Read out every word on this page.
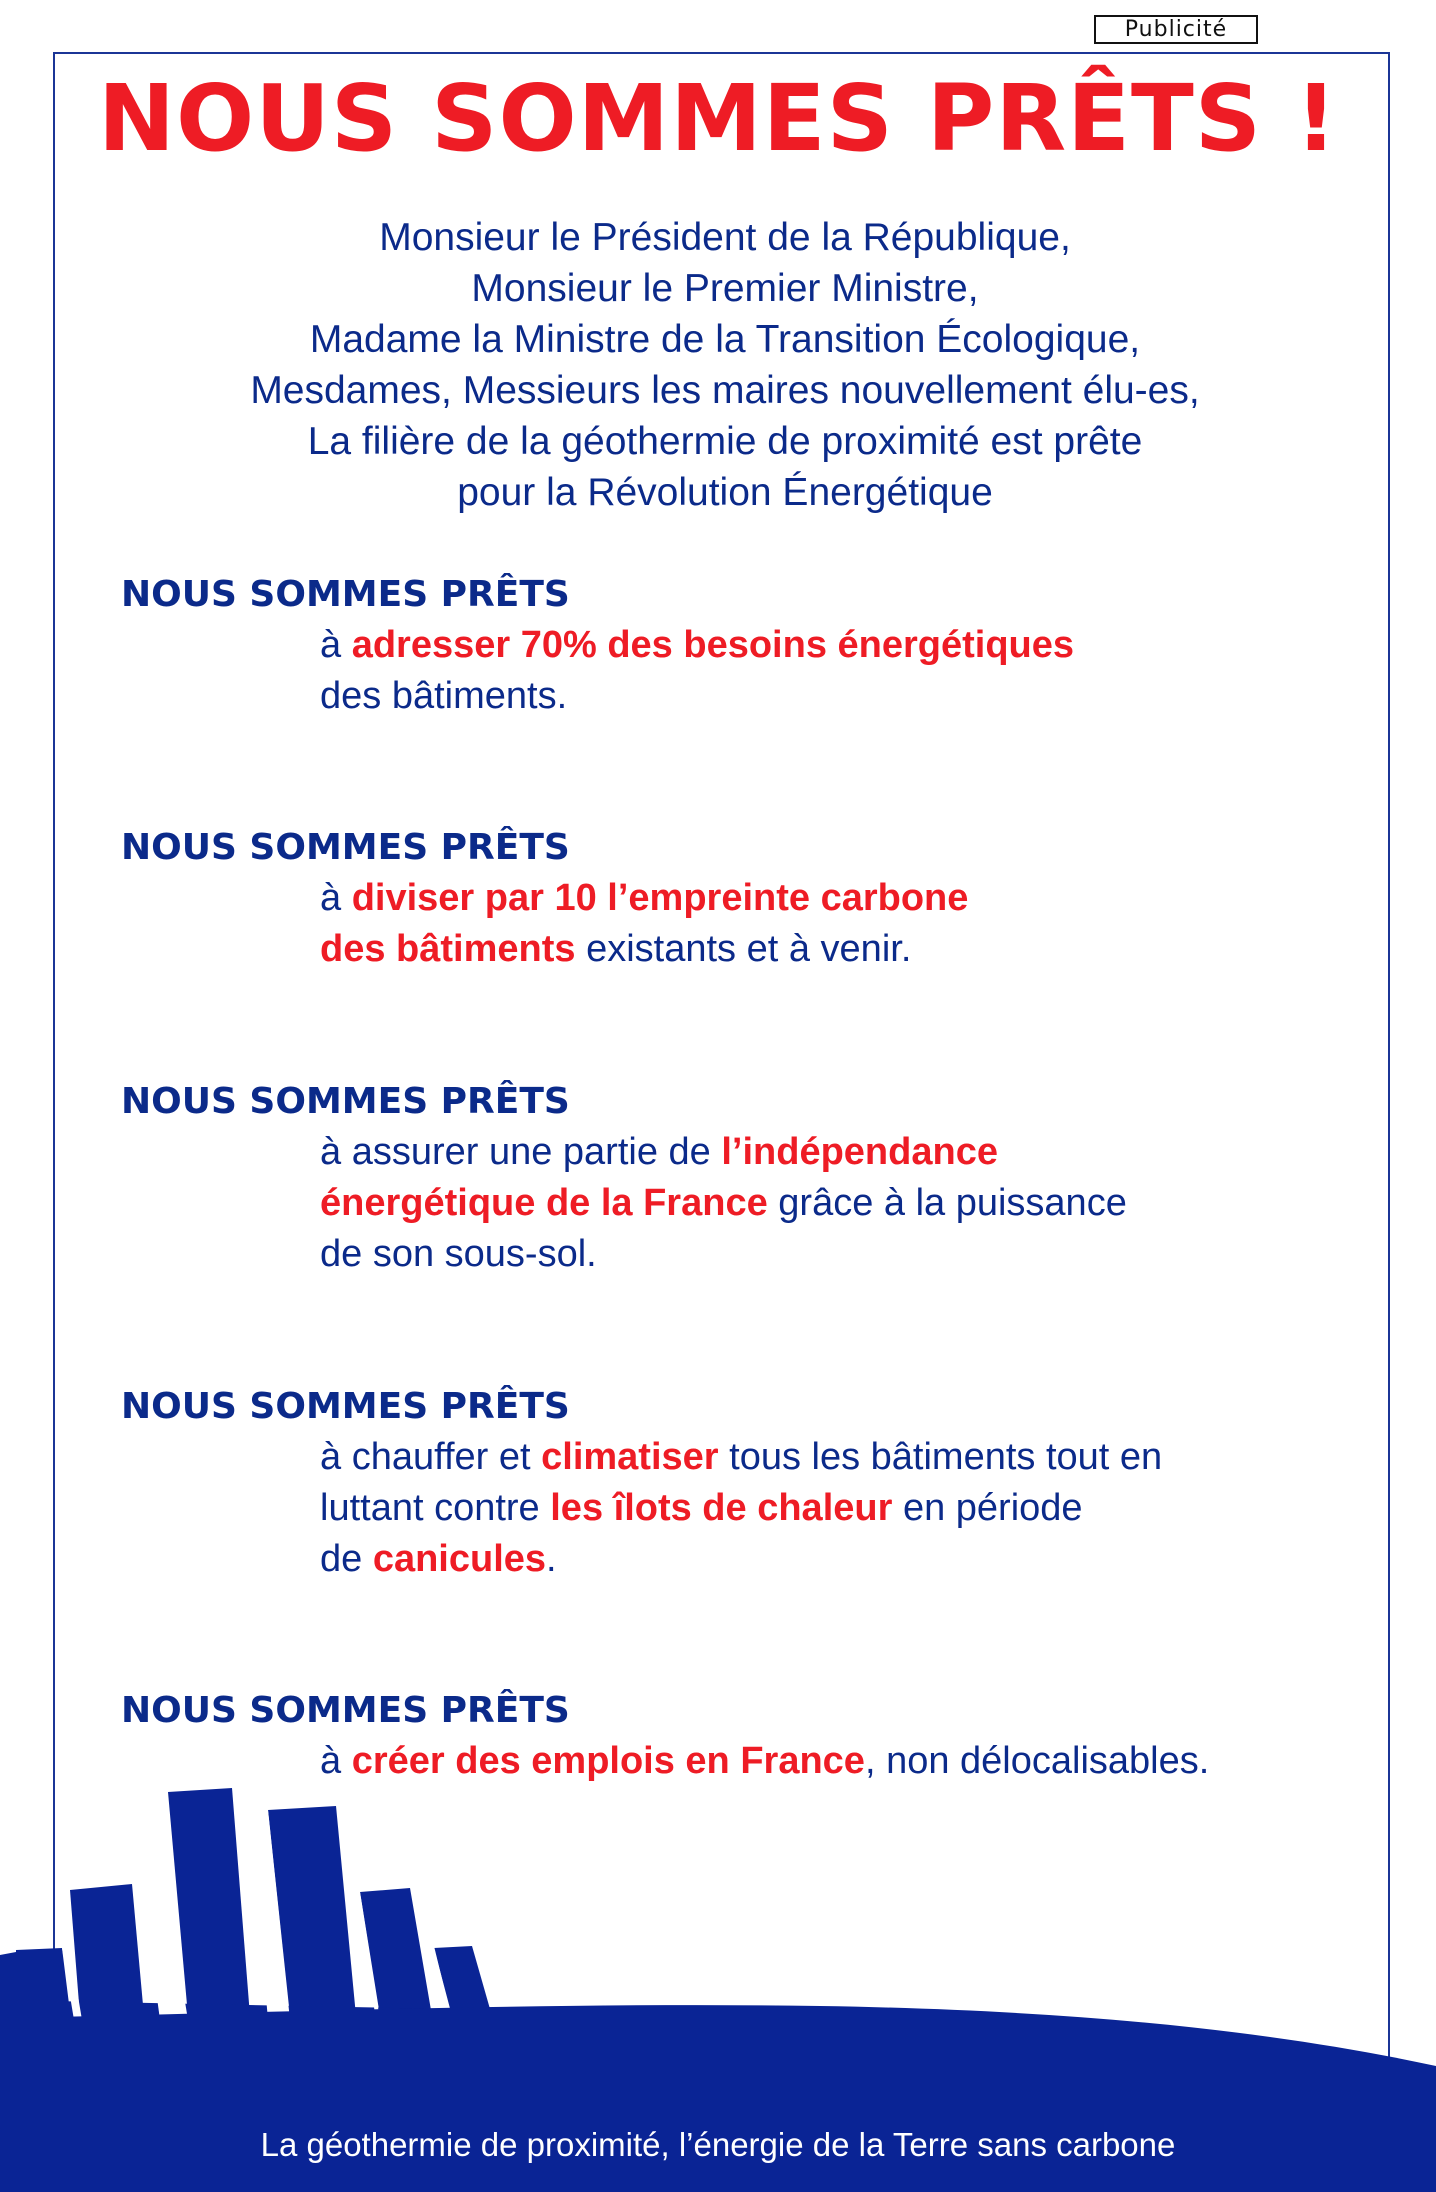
Publicité
NOUS SOMMES PRÊTS !
Monsieur le Président de la République,
Monsieur le Premier Ministre,
Madame la Ministre de la Transition Écologique,
Mesdames, Messieurs les maires nouvellement élu-es,
La filière de la géothermie de proximité est prête
pour la Révolution Énergétique
NOUS SOMMES PRÊTS
à adresser 70% des besoins énergétiques
des bâtiments.
NOUS SOMMES PRÊTS
à diviser par 10 l’empreinte carbone
des bâtiments existants et à venir.
NOUS SOMMES PRÊTS
à assurer une partie de l’indépendance
énergétique de la France grâce à la puissance
de son sous-sol.
NOUS SOMMES PRÊTS
à chauffer et climatiser tous les bâtiments tout en
luttant contre les îlots de chaleur en période
de canicules.
NOUS SOMMES PRÊTS
à créer des emplois en France, non délocalisables.
La géothermie de proximité, l’énergie de la Terre sans carbone
